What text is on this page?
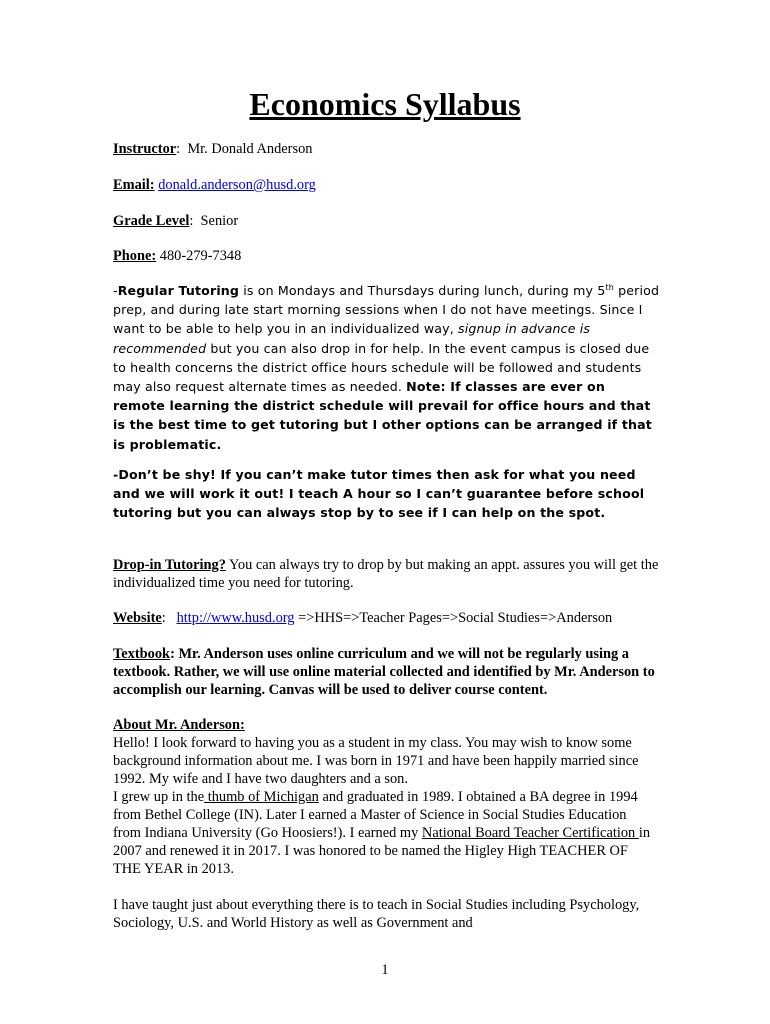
Economics Syllabus
Instructor:  Mr. Donald Anderson
Email: donald.anderson@husd.org
Grade Level:  Senior
Phone: 480-279-7348
-Regular Tutoring is on Mondays and Thursdays during lunch, during my 5th period prep, and during late start morning sessions when I do not have meetings. Since I want to be able to help you in an individualized way, signup in advance is recommended but you can also drop in for help. In the event campus is closed due to health concerns the district office hours schedule will be followed and students may also request alternate times as needed. Note: If classes are ever on remote learning the district schedule will prevail for office hours and that is the best time to get tutoring but I other options can be arranged if that is problematic.
-Don’t be shy! If you can’t make tutor times then ask for what you need and we will work it out! I teach A hour so I can’t guarantee before school tutoring but you can always stop by to see if I can help on the spot.
Drop-in Tutoring? You can always try to drop by but making an appt. assures you will get the individualized time you need for tutoring.
Website:   http://www.husd.org =>HHS=>Teacher Pages=>Social Studies=>Anderson
Textbook: Mr. Anderson uses online curriculum and we will not be regularly using a textbook. Rather, we will use online material collected and identified by Mr. Anderson to accomplish our learning. Canvas will be used to deliver course content.
About Mr. Anderson:
Hello! I look forward to having you as a student in my class. You may wish to know some background information about me. I was born in 1971 and have been happily married since 1992. My wife and I have two daughters and a son.
I grew up in the thumb of Michigan and graduated in 1989. I obtained a BA degree in 1994 from Bethel College (IN). Later I earned a Master of Science in Social Studies Education from Indiana University (Go Hoosiers!). I earned my National Board Teacher Certification in 2007 and renewed it in 2017. I was honored to be named the Higley High TEACHER OF THE YEAR in 2013.
I have taught just about everything there is to teach in Social Studies including Psychology, Sociology, U.S. and World History as well as Government and
1
